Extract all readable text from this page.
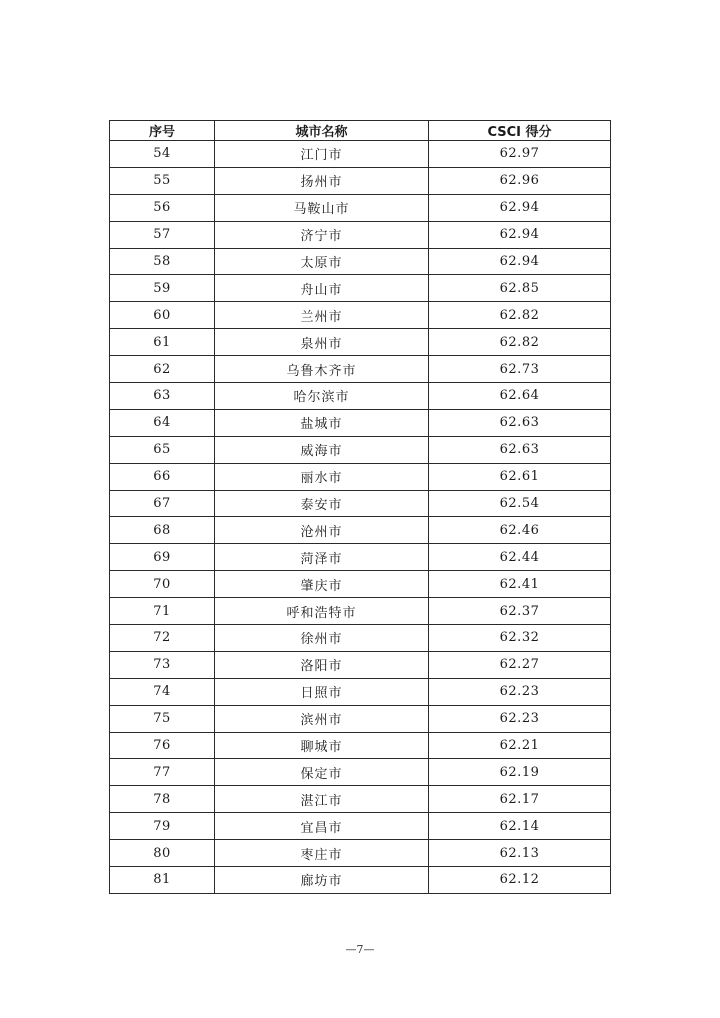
序号	城市名称	CSCI 得分
54	江门市	62.97
55	扬州市	62.96
56	马鞍山市	62.94
57	济宁市	62.94
58	太原市	62.94
59	舟山市	62.85
60	兰州市	62.82
61	泉州市	62.82
62	乌鲁木齐市	62.73
63	哈尔滨市	62.64
64	盐城市	62.63
65	威海市	62.63
66	丽水市	62.61
67	泰安市	62.54
68	沧州市	62.46
69	菏泽市	62.44
70	肇庆市	62.41
71	呼和浩特市	62.37
72	徐州市	62.32
73	洛阳市	62.27
74	日照市	62.23
75	滨州市	62.23
76	聊城市	62.21
77	保定市	62.19
78	湛江市	62.17
79	宜昌市	62.14
80	枣庄市	62.13
81	廊坊市	62.12
—7—
